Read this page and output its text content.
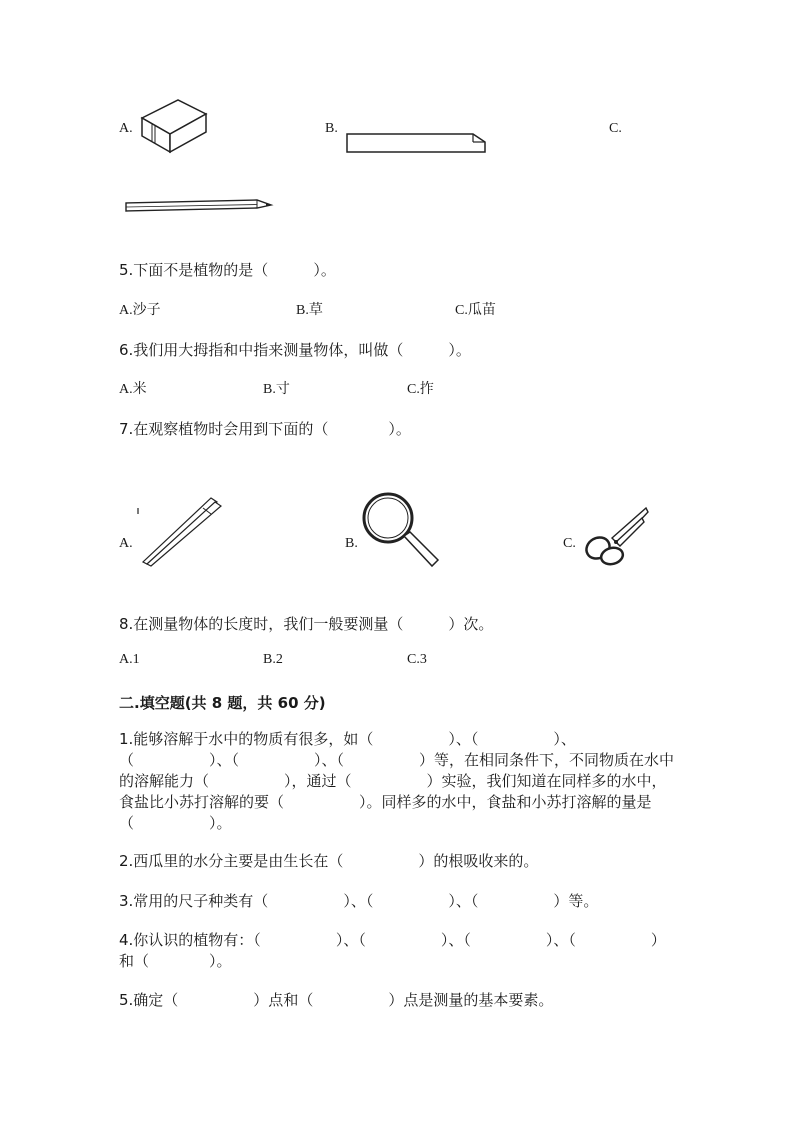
A.	B.	C.
5.下面不是植物的是（　　　）。
A.沙子	B.草	C.瓜苗
6.我们用大拇指和中指来测量物体，叫做（　　　）。
A.米	B.寸	C.拃
7.在观察植物时会用到下面的（　　　　）。
A.	B.	C.
8.在测量物体的长度时，我们一般要测量（　　　）次。
A.1	B.2	C.3
二.填空题(共 8 题，共 60 分)
1.能够溶解于水中的物质有很多，如（　　　　　）、（　　　　　）、（　　　　　）、（　　　　　）、（　　　　　）等，在相同条件下，不同物质在水中的溶解能力（　　　　　），通过（　　　　　）实验，我们知道在同样多的水中，食盐比小苏打溶解的要（　　　　　）。同样多的水中，食盐和小苏打溶解的量是（　　　　　）。
2.西瓜里的水分主要是由生长在（　　　　　）的根吸收来的。
3.常用的尺子种类有（　　　　　）、（　　　　　）、（　　　　　）等。
4.你认识的植物有：（　　　　　）、（　　　　　）、（　　　　　）、（　　　　　）和（　　　　）。
5.确定（　　　　　）点和（　　　　　）点是测量的基本要素。
